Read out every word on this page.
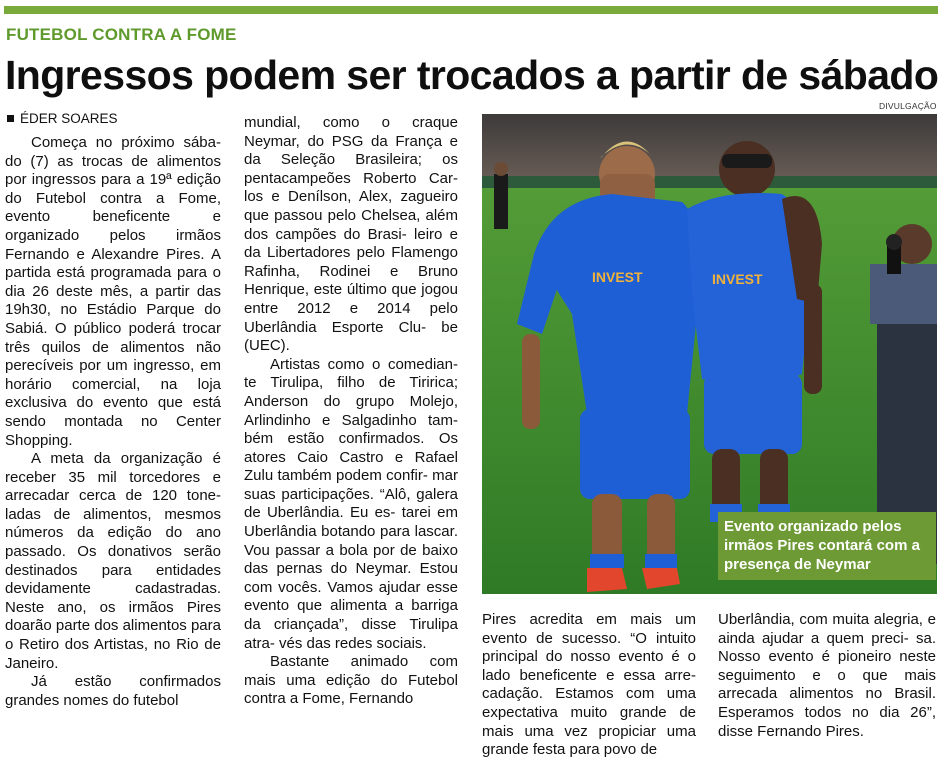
FUTEBOL CONTRA A FOME
Ingressos podem ser trocados a partir de sábado
ÉDER SOARES
DIVULGAÇÃO

Começa no próximo sába- do (7) as trocas de alimentos por ingressos para a 19ª edição do Futebol contra a Fome, evento beneficente e organizado pelos irmãos Fernando e Alexandre Pires. A partida está programada para o dia 26 deste mês, a partir das 19h30, no Estádio Parque do Sabiá. O público poderá trocar três quilos de alimentos não perecíveis por um ingresso, em horário comercial, na loja exclusiva do evento que está sendo montada no Center Shopping.

A meta da organização é receber 35 mil torcedores e arrecadar cerca de 120 tone- ladas de alimentos, mesmos números da edição do ano passado. Os donativos serão destinados para entidades devidamente cadastradas. Neste ano, os irmãos Pires doarão parte dos alimentos para o Retiro dos Artistas, no Rio de Janeiro.

Já estão confirmados grandes nomes do futebol

mundial, como o craque Neymar, do PSG da França e da Seleção Brasileira; os pentacampeões Roberto Car- los e Denílson, Alex, zagueiro que passou pelo Chelsea, além dos campões do Brasi- leiro e da Libertadores pelo Flamengo Rafinha, Rodinei e Bruno Henrique, este último que jogou entre 2012 e 2014 pelo Uberlândia Esporte Clu- be (UEC).

Artistas como o comedian- te Tirulipa, filho de Tiririca; Anderson do grupo Molejo, Arlindinho e Salgadinho tam- bém estão confirmados. Os atores Caio Castro e Rafael Zulu também podem confir- mar suas participações. “Alô, galera de Uberlândia. Eu es- tarei em Uberlândia botando para lascar. Vou passar a bola por de baixo das pernas do Neymar. Estou com vocês. Vamos ajudar esse evento que alimenta a barriga da criançada”, disse Tirulipa atra- vés das redes sociais.

Bastante animado com mais uma edição do Futebol contra a Fome, Fernando

INVEST	INVEST
Evento organizado pelos irmãos Pires contará com a presença de Neymar

Pires acredita em mais um evento de sucesso. “O intuito principal do nosso evento é o lado beneficente e essa arre- cadação. Estamos com uma expectativa muito grande de mais uma vez propiciar uma grande festa para povo de

Uberlândia, com muita alegria, e ainda ajudar a quem preci- sa. Nosso evento é pioneiro neste seguimento e o que mais arrecada alimentos no Brasil. Esperamos todos no dia 26”, disse Fernando Pires.
